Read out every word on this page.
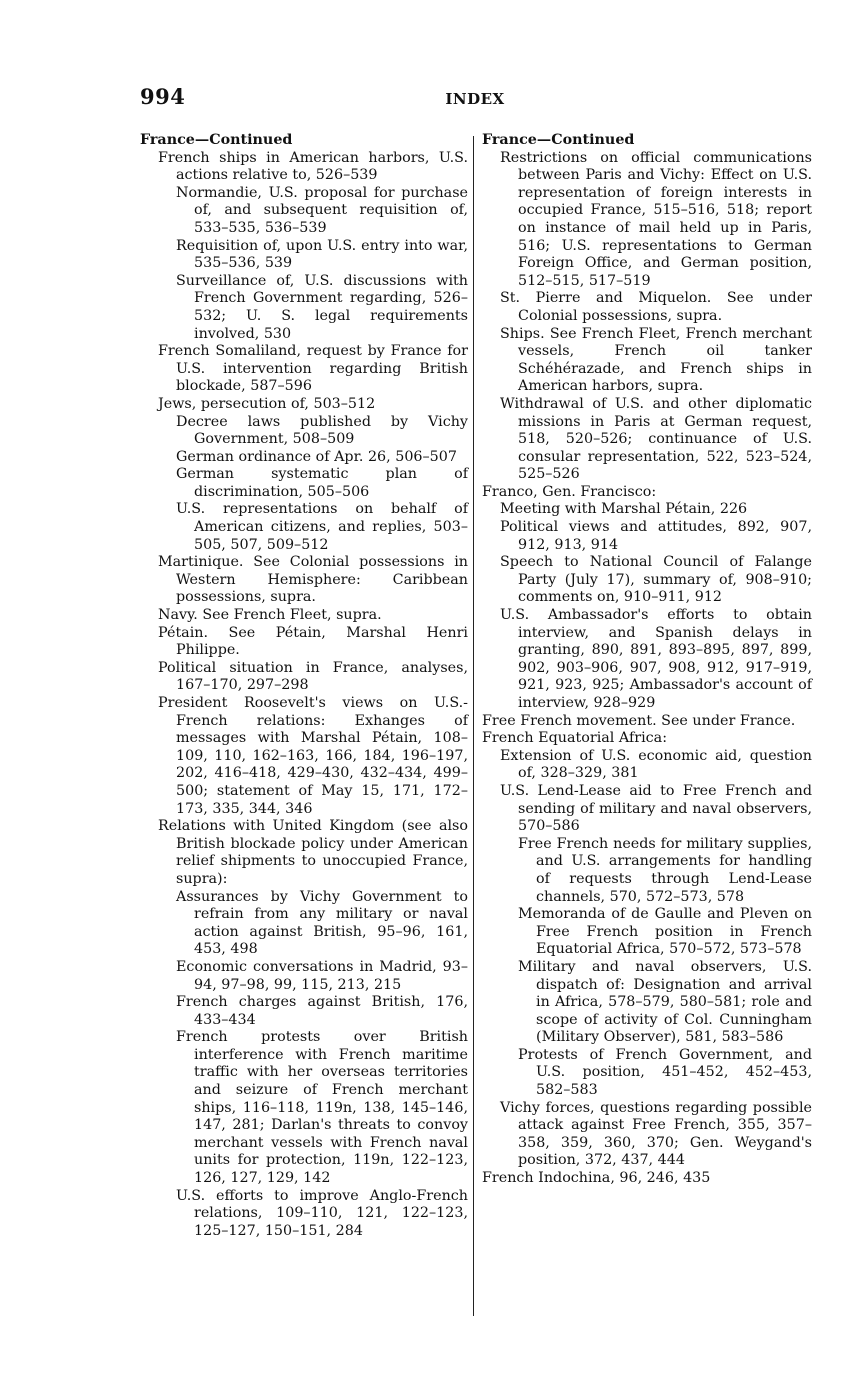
994	INDEX
France—Continued
French ships in American harbors, U.S. actions relative to, 526–539
Normandie, U.S. proposal for purchase of, and subsequent requisition of, 533–535, 536–539
Requisition of, upon U.S. entry into war, 535–536, 539
Surveillance of, U.S. discussions with French Government regarding, 526–532; U. S. legal requirements involved, 530
French Somaliland, request by France for U.S. intervention regarding British blockade, 587–596
Jews, persecution of, 503–512
Decree laws published by Vichy Government, 508–509
German ordinance of Apr. 26, 506–507
German systematic plan of discrimination, 505–506
U.S. representations on behalf of American citizens, and replies, 503–505, 507, 509–512
Martinique. See Colonial possessions in Western Hemisphere: Caribbean possessions, supra.
Navy. See French Fleet, supra.
Pétain. See Pétain, Marshal Henri Philippe.
Political situation in France, analyses, 167–170, 297–298
President Roosevelt's views on U.S.-French relations: Exhanges of messages with Marshal Pétain, 108–109, 110, 162–163, 166, 184, 196–197, 202, 416–418, 429–430, 432–434, 499–500; statement of May 15, 171, 172–173, 335, 344, 346
Relations with United Kingdom (see also British blockade policy under American relief shipments to unoccupied France, supra):
Assurances by Vichy Government to refrain from any military or naval action against British, 95–96, 161, 453, 498
Economic conversations in Madrid, 93–94, 97–98, 99, 115, 213, 215
French charges against British, 176, 433–434
French protests over British interference with French maritime traffic with her overseas territories and seizure of French merchant ships, 116–118, 119n, 138, 145–146, 147, 281; Darlan's threats to convoy merchant vessels with French naval units for protection, 119n, 122–123, 126, 127, 129, 142
U.S. efforts to improve Anglo-French relations, 109–110, 121, 122–123, 125–127, 150–151, 284
France—Continued
Restrictions on official communications between Paris and Vichy: Effect on U.S. representation of foreign interests in occupied France, 515–516, 518; report on instance of mail held up in Paris, 516; U.S. representations to German Foreign Office, and German position, 512–515, 517–519
St. Pierre and Miquelon. See under Colonial possessions, supra.
Ships. See French Fleet, French merchant vessels, French oil tanker Schéhérazade, and French ships in American harbors, supra.
Withdrawal of U.S. and other diplomatic missions in Paris at German request, 518, 520–526; continuance of U.S. consular representation, 522, 523–524, 525–526
Franco, Gen. Francisco:
Meeting with Marshal Pétain, 226
Political views and attitudes, 892, 907, 912, 913, 914
Speech to National Council of Falange Party (July 17), summary of, 908–910; comments on, 910–911, 912
U.S. Ambassador's efforts to obtain interview, and Spanish delays in granting, 890, 891, 893–895, 897, 899, 902, 903–906, 907, 908, 912, 917–919, 921, 923, 925; Ambassador's account of interview, 928–929
Free French movement. See under France.
French Equatorial Africa:
Extension of U.S. economic aid, question of, 328–329, 381
U.S. Lend-Lease aid to Free French and sending of military and naval observers, 570–586
Free French needs for military supplies, and U.S. arrangements for handling of requests through Lend-Lease channels, 570, 572–573, 578
Memoranda of de Gaulle and Pleven on Free French position in French Equatorial Africa, 570–572, 573–578
Military and naval observers, U.S. dispatch of: Designation and arrival in Africa, 578–579, 580–581; role and scope of activity of Col. Cunningham (Military Observer), 581, 583–586
Protests of French Government, and U.S. position, 451–452, 452–453, 582–583
Vichy forces, questions regarding possible attack against Free French, 355, 357–358, 359, 360, 370; Gen. Weygand's position, 372, 437, 444
French Indochina, 96, 246, 435
